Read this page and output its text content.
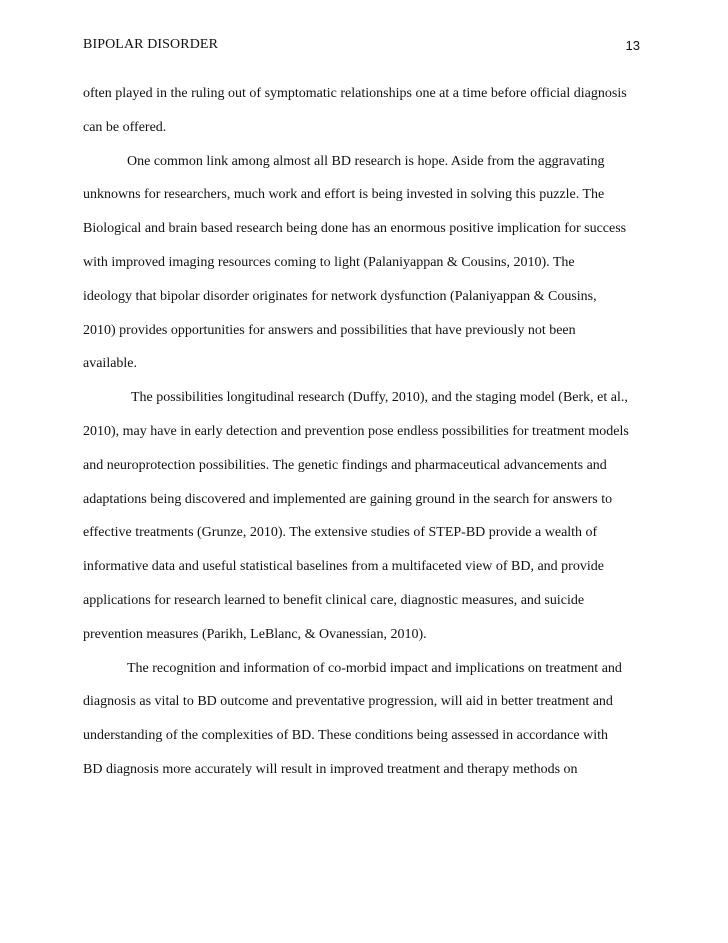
BIPOLAR DISORDER	13
often played in the ruling out of symptomatic relationships one at a time before official diagnosis
can be offered.
One common link among almost all BD research is hope. Aside from the aggravating
unknowns for researchers, much work and effort is being invested in solving this puzzle. The
Biological and brain based research being done has an enormous positive implication for success
with improved imaging resources coming to light (Palaniyappan & Cousins, 2010). The
ideology that bipolar disorder originates for network dysfunction (Palaniyappan & Cousins,
2010) provides opportunities for answers and possibilities that have previously not been
available.
The possibilities longitudinal research (Duffy, 2010), and the staging model (Berk, et al.,
2010), may have in early detection and prevention pose endless possibilities for treatment models
and neuroprotection possibilities. The genetic findings and pharmaceutical advancements and
adaptations being discovered and implemented are gaining ground in the search for answers to
effective treatments (Grunze, 2010). The extensive studies of STEP-BD provide a wealth of
informative data and useful statistical baselines from a multifaceted view of BD, and provide
applications for research learned to benefit clinical care, diagnostic measures, and suicide
prevention measures (Parikh, LeBlanc, & Ovanessian, 2010).
The recognition and information of co-morbid impact and implications on treatment and
diagnosis as vital to BD outcome and preventative progression, will aid in better treatment and
understanding of the complexities of BD. These conditions being assessed in accordance with
BD diagnosis more accurately will result in improved treatment and therapy methods on
